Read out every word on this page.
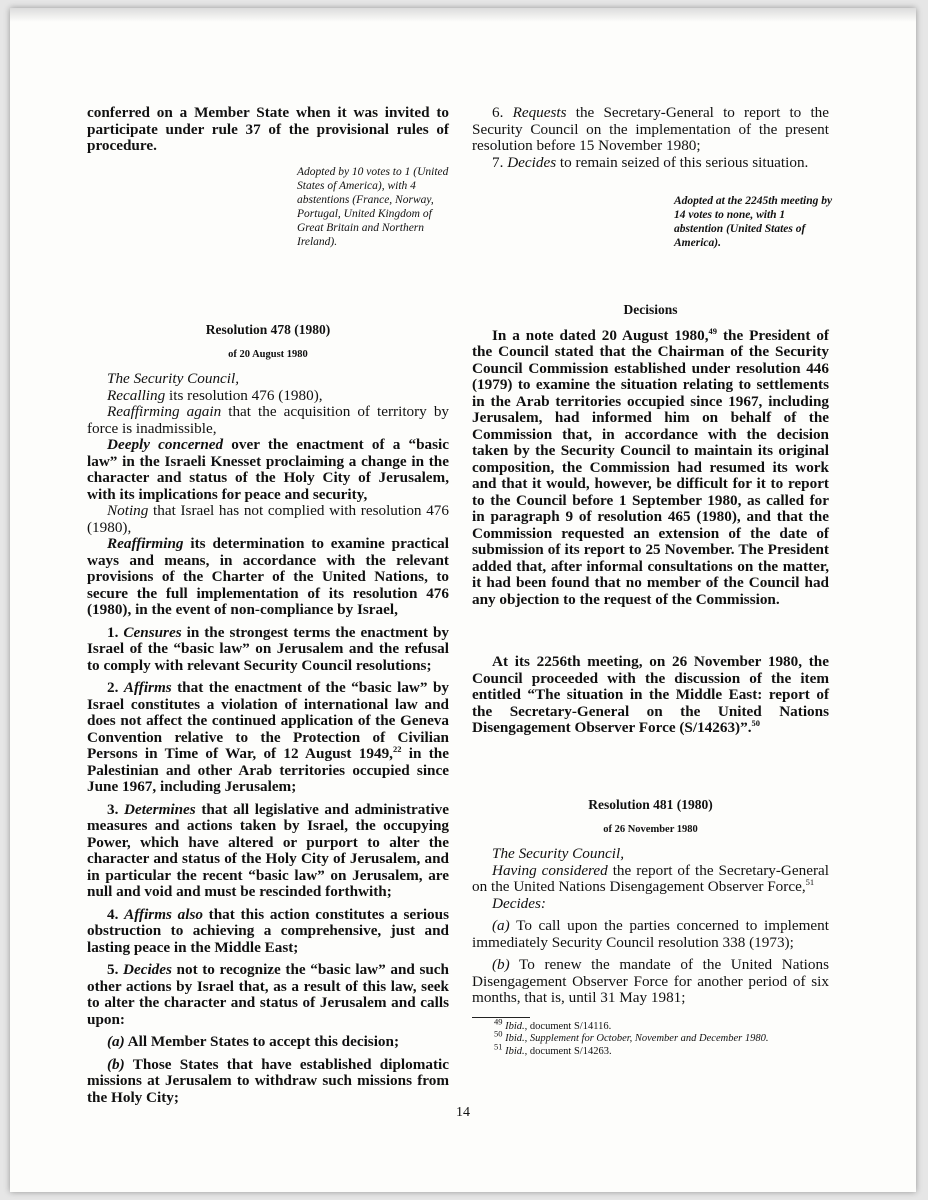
conferred on a Member State when it was invited to participate under rule 37 of the provisional rules of procedure.

Adopted by 10 votes to 1 (United States of America), with 4 abstentions (France, Norway, Portugal, United Kingdom of Great Britain and Northern Ireland).

Resolution 478 (1980)
of 20 August 1980

The Security Council,

Recalling its resolution 476 (1980),

Reaffirming again that the acquisition of territory by force is inadmissible,

Deeply concerned over the enactment of a “basic law” in the Israeli Knesset proclaiming a change in the character and status of the Holy City of Jerusalem, with its implications for peace and security,

Noting that Israel has not complied with resolution 476 (1980),

Reaffirming its determination to examine practical ways and means, in accordance with the relevant provisions of the Charter of the United Nations, to secure the full implementation of its resolution 476 (1980), in the event of non-compliance by Israel,

1. Censures in the strongest terms the enactment by Israel of the “basic law” on Jerusalem and the refusal to comply with relevant Security Council resolutions;

2. Affirms that the enactment of the “basic law” by Israel constitutes a violation of international law and does not affect the continued application of the Geneva Convention relative to the Protection of Civilian Persons in Time of War, of 12 August 1949,22 in the Palestinian and other Arab territories occupied since June 1967, including Jerusalem;

3. Determines that all legislative and administrative measures and actions taken by Israel, the occupying Power, which have altered or purport to alter the character and status of the Holy City of Jerusalem, and in particular the recent “basic law” on Jerusalem, are null and void and must be rescinded forthwith;

4. Affirms also that this action constitutes a serious obstruction to achieving a comprehensive, just and lasting peace in the Middle East;

5. Decides not to recognize the “basic law” and such other actions by Israel that, as a result of this law, seek to alter the character and status of Jerusalem and calls upon:

(a) All Member States to accept this decision;

(b) Those States that have established diplomatic missions at Jerusalem to withdraw such missions from the Holy City;

6. Requests the Secretary-General to report to the Security Council on the implementation of the present resolution before 15 November 1980;

7. Decides to remain seized of this serious situation.

Adopted at the 2245th meeting by 14 votes to none, with 1 abstention (United States of America).

Decisions

In a note dated 20 August 1980,49 the President of the Council stated that the Chairman of the Security Council Commission established under resolution 446 (1979) to examine the situation relating to settlements in the Arab territories occupied since 1967, including Jerusalem, had informed him on behalf of the Commission that, in accordance with the decision taken by the Security Council to maintain its original composition, the Commission had resumed its work and that it would, however, be difficult for it to report to the Council before 1 September 1980, as called for in paragraph 9 of resolution 465 (1980), and that the Commission requested an extension of the date of submission of its report to 25 November. The President added that, after informal consultations on the matter, it had been found that no member of the Council had any objection to the request of the Commission.

At its 2256th meeting, on 26 November 1980, the Council proceeded with the discussion of the item entitled “The situation in the Middle East: report of the Secretary-General on the United Nations Disengagement Observer Force (S/14263)”.$^{50}$

Resolution 481 (1980)
of 26 November 1980

The Security Council,

Having considered the report of the Secretary-General on the United Nations Disengagement Observer Force,$^{51}$

Decides:

(a) To call upon the parties concerned to implement immediately Security Council resolution 338 (1973);

(b) To renew the mandate of the United Nations Disengagement Observer Force for another period of six months, that is, until 31 May 1981;

$^{49}$ Ibid., document S/14116.

$^{50}$ Ibid., Supplement for October, November and December 1980.

$^{51}$ Ibid., document S/14263.

14
